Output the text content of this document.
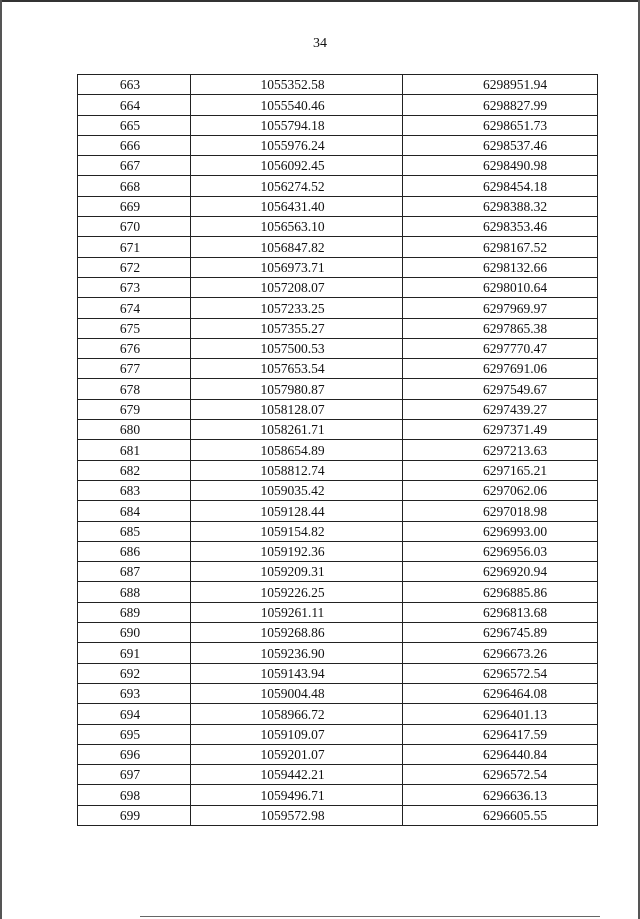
34
663	1055352.58	6298951.94
664	1055540.46	6298827.99
665	1055794.18	6298651.73
666	1055976.24	6298537.46
667	1056092.45	6298490.98
668	1056274.52	6298454.18
669	1056431.40	6298388.32
670	1056563.10	6298353.46
671	1056847.82	6298167.52
672	1056973.71	6298132.66
673	1057208.07	6298010.64
674	1057233.25	6297969.97
675	1057355.27	6297865.38
676	1057500.53	6297770.47
677	1057653.54	6297691.06
678	1057980.87	6297549.67
679	1058128.07	6297439.27
680	1058261.71	6297371.49
681	1058654.89	6297213.63
682	1058812.74	6297165.21
683	1059035.42	6297062.06
684	1059128.44	6297018.98
685	1059154.82	6296993.00
686	1059192.36	6296956.03
687	1059209.31	6296920.94
688	1059226.25	6296885.86
689	1059261.11	6296813.68
690	1059268.86	6296745.89
691	1059236.90	6296673.26
692	1059143.94	6296572.54
693	1059004.48	6296464.08
694	1058966.72	6296401.13
695	1059109.07	6296417.59
696	1059201.07	6296440.84
697	1059442.21	6296572.54
698	1059496.71	6296636.13
699	1059572.98	6296605.55
